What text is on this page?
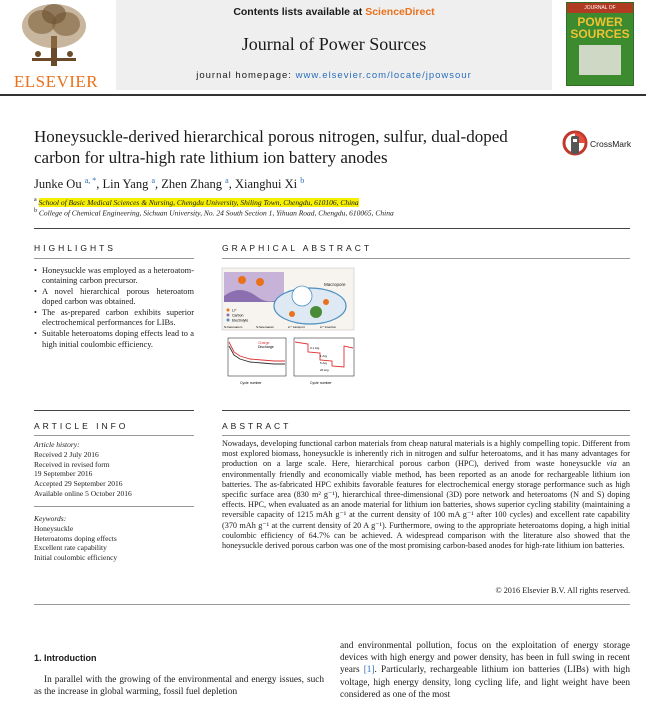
ELSEVIER
Contents lists available at ScienceDirect
Journal of Power Sources
journal homepage: www.elsevier.com/locate/jpowsour
JOURNAL OF
POWER
SOURCES
Honeysuckle-derived hierarchical porous nitrogen, sulfur, dual-doped
carbon for ultra-high rate lithium ion battery anodes
CrossMark
Junke Ou $^{a, *}$, Lin Yang $^a$, Zhen Zhang $^a$, Xianghui Xi $^b$
$^a$ School of Basic Medical Sciences & Nursing, Chengdu University, Shiling Town, Chengdu, 610106, China
$^b$ College of Chemical Engineering, Sichuan University, No. 24 South Section 1, Yihuan Road, Chengdu, 610065, China
HIGHLIGHTS
• Honeysuckle was employed as a heteroatom-containing carbon precursor.
• A novel hierarchical porous heteroatom doped carbon was obtained.
• The as-prepared carbon exhibits superior electrochemical performances for LIBs.
• Suitable heteroatoms doping effects lead to a high initial coulombic efficiency.
GRAPHICAL ABSTRACT
Macropore
Li⁺
Carbon
Electrolyte
N-heteroatom	S-heteroatom	Li⁺ transport	Li⁺ insertion
Charge
Discharge
Cycle number
0.1 A/g
1 A/g
5 A/g
20 A/g
Cycle number
ARTICLE INFO
Article history:
Received 2 July 2016
Received in revised form
19 September 2016
Accepted 29 September 2016
Available online 5 October 2016
Keywords:
Honeysuckle
Heteroatoms doping effects
Excellent rate capability
Initial coulombic efficiency
ABSTRACT
Nowadays, developing functional carbon materials from cheap natural materials is a highly compelling topic. Different from most explored biomass, honeysuckle is inherently rich in nitrogen and sulfur heteroatoms, and it has many advantages for production on a large scale. Here, hierarchical porous carbon (HPC), derived from waste honeysuckle via an environmentally friendly and economically viable method, has been reported as an anode for rechargeable lithium ion batteries. The as-fabricated HPC exhibits favorable features for electrochemical energy storage performance such as high specific surface area (830 m² g⁻¹), hierarchical three-dimensional (3D) pore network and heteroatoms (N and S) doping effects. HPC, when evaluated as an anode material for lithium ion batteries, shows superior cycling stability (maintaining a reversible capacity of 1215 mAh g⁻¹ at the current density of 100 mA g⁻¹ after 100 cycles) and excellent rate capability (370 mAh g⁻¹ at the current density of 20 A g⁻¹). Furthermore, owing to the appropriate heteroatoms doping, a high initial coulombic efficiency of 64.7% can be achieved. A widespread comparison with the literature also showed that the honeysuckle derived porous carbon was one of the most promising carbon-based anodes for high-rate lithium ion batteries.
© 2016 Elsevier B.V. All rights reserved.
1. Introduction
In parallel with the growing of the environmental and energy issues, such as the increase in global warming, fossil fuel depletion
and environmental pollution, focus on the exploitation of energy storage devices with high energy and power density, has been in full swing in recent years [1]. Particularly, rechargeable lithium ion batteries (LIBs) with high voltage, high energy density, long cycling life, and light weight have been considered as one of the most
